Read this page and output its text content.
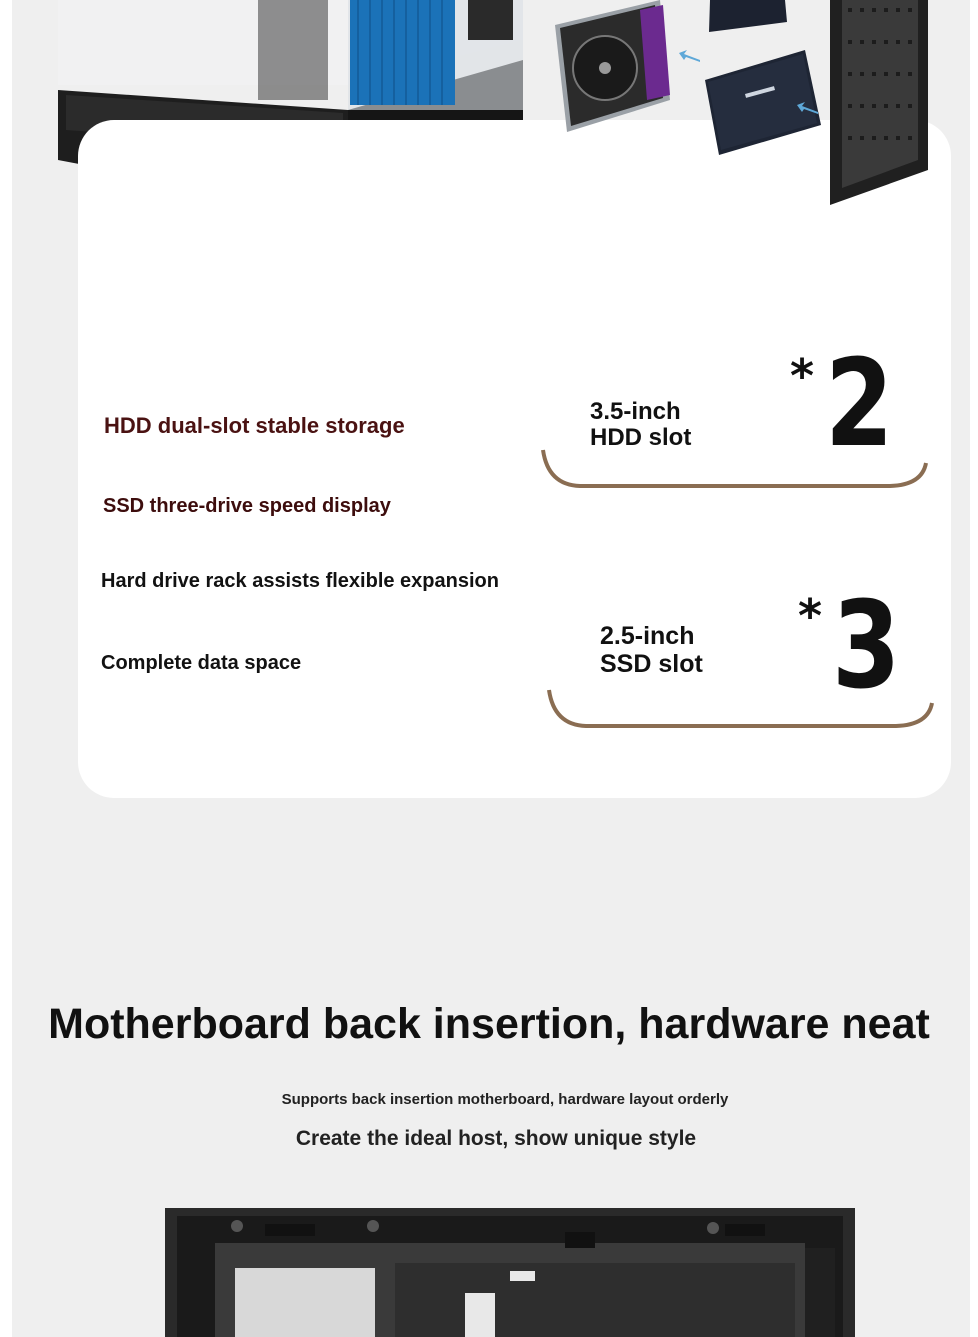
HDD dual-slot stable storage
SSD three-drive speed display
Hard drive rack assists flexible expansion
Complete data space
3.5-inch
HDD slot
* 2
2.5-inch
SSD slot
* 3
Motherboard back insertion, hardware neat
Supports back insertion motherboard, hardware layout orderly
Create the ideal host, show unique style
